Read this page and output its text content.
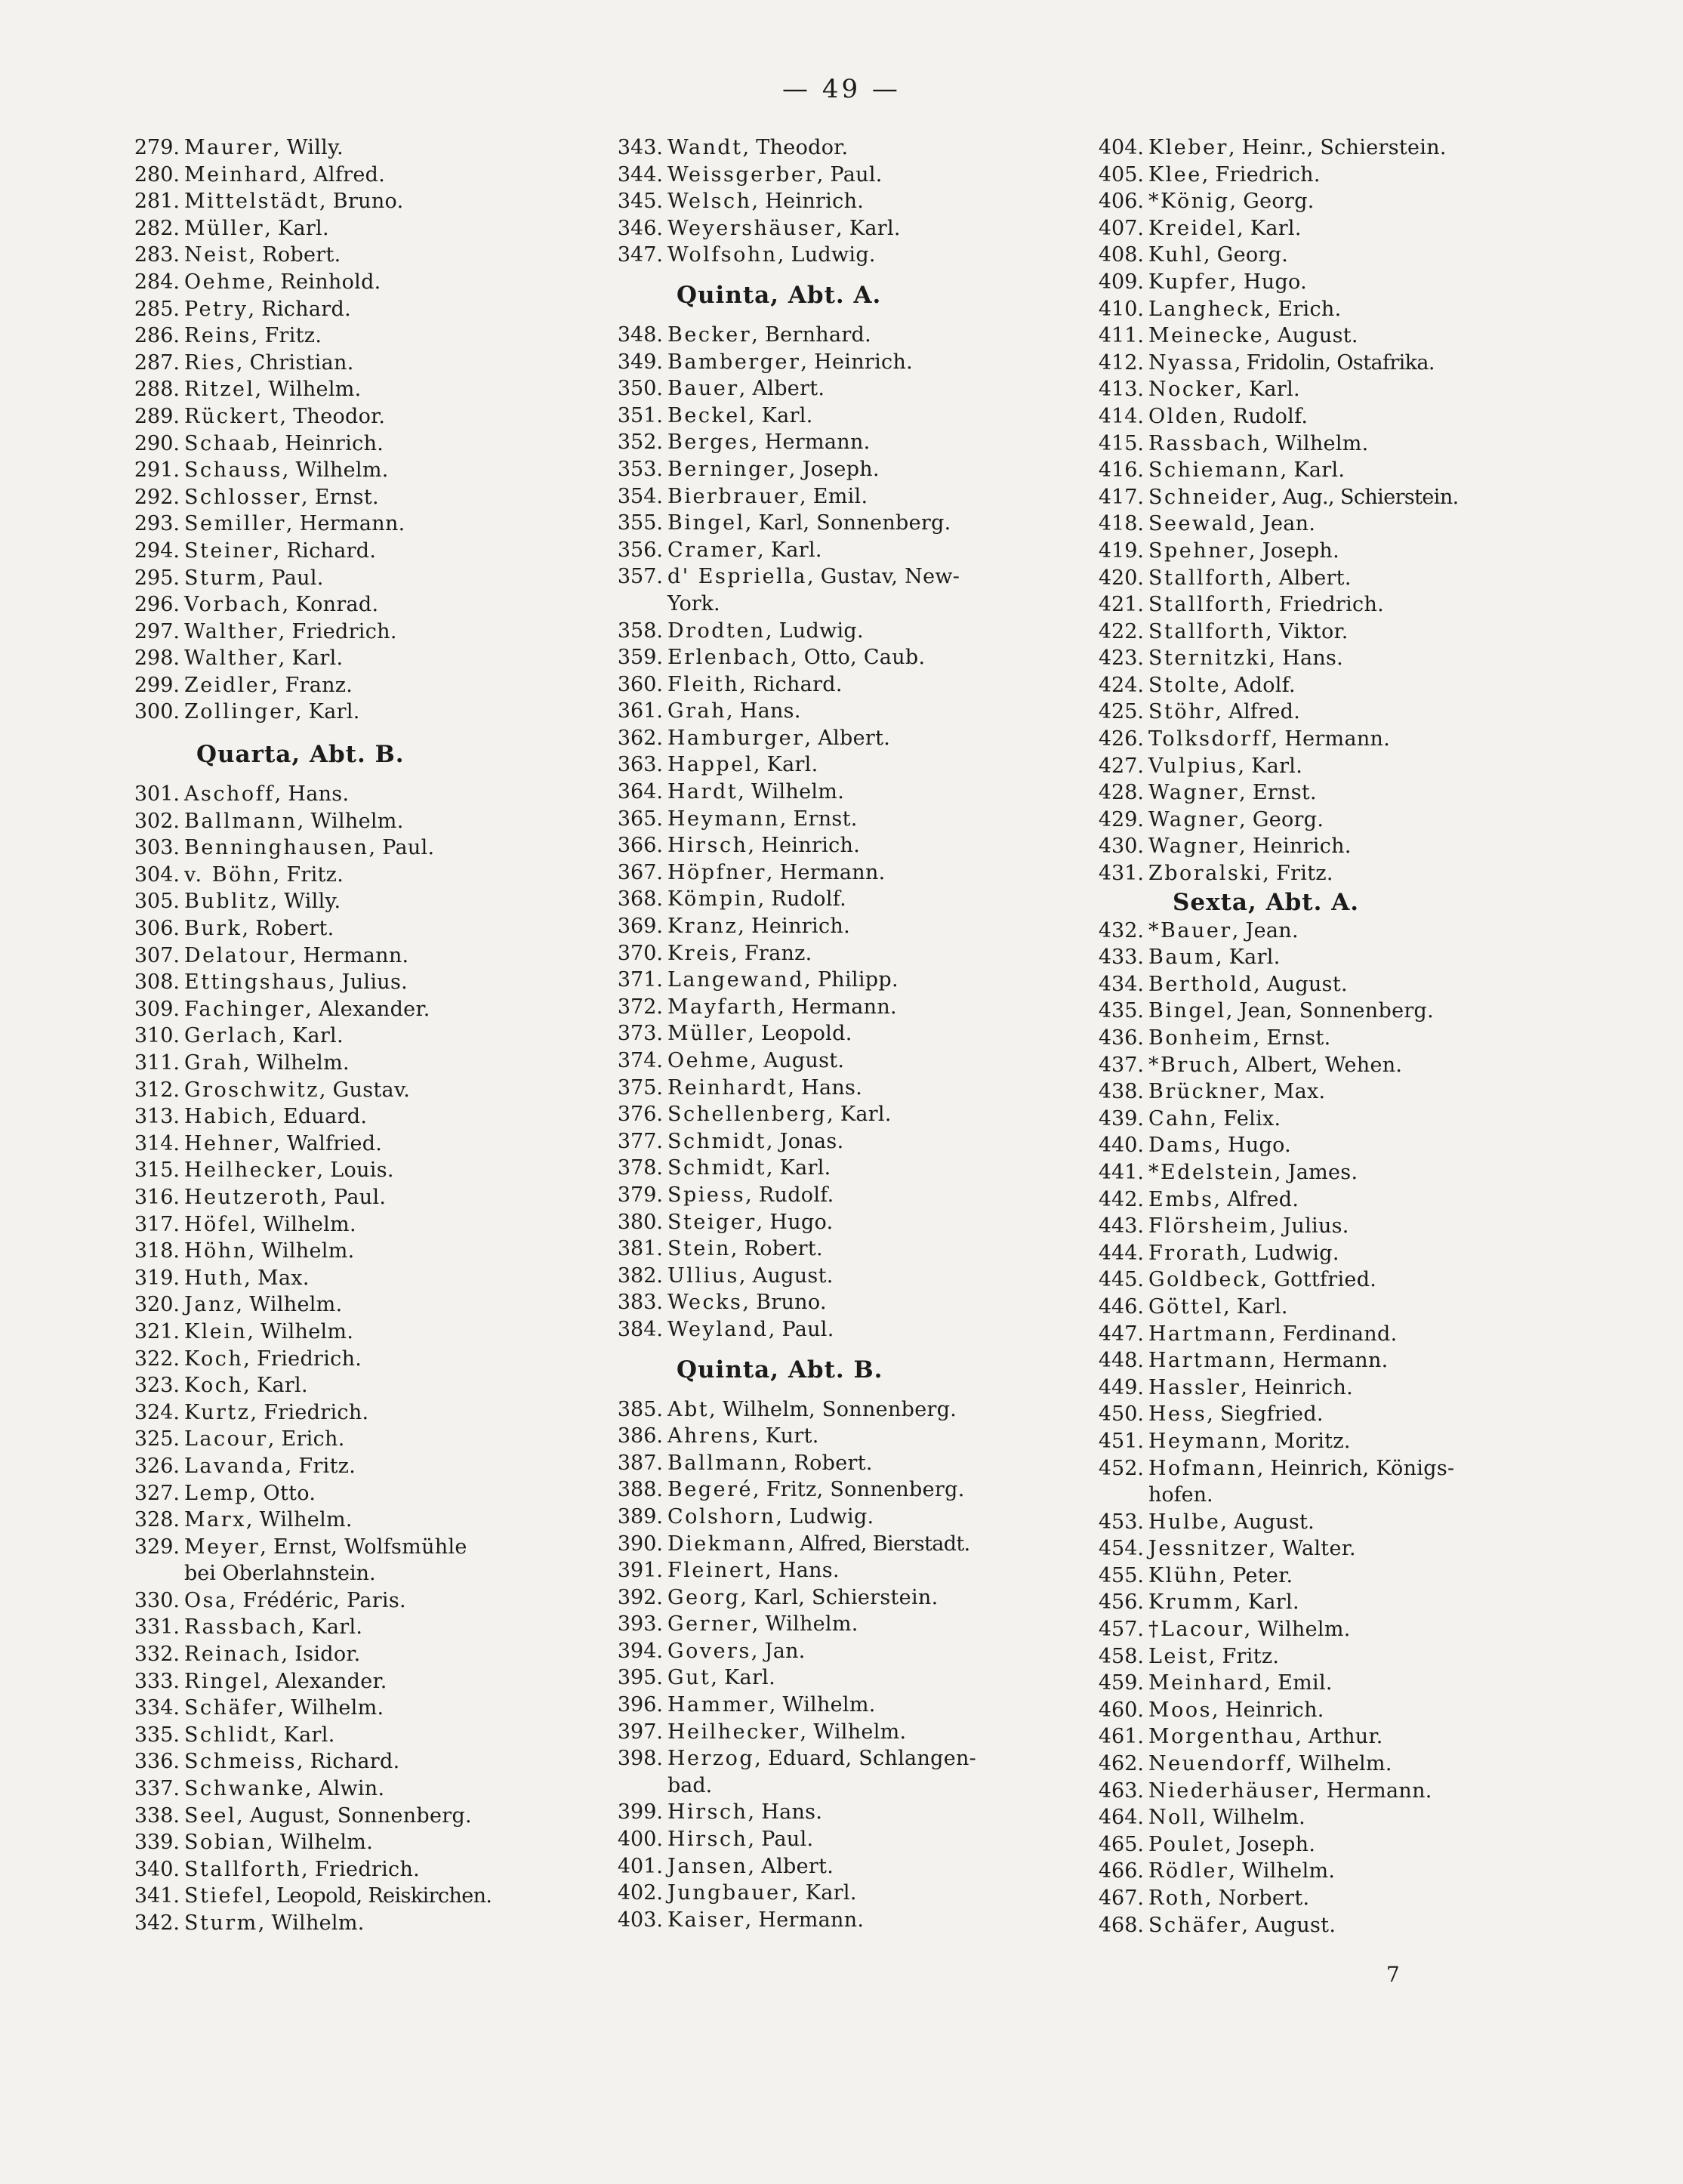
— 49 —
279. Maurer, Willy.
280. Meinhard, Alfred.
281. Mittelstädt, Bruno.
282. Müller, Karl.
283. Neist, Robert.
284. Oehme, Reinhold.
285. Petry, Richard.
286. Reins, Fritz.
287. Ries, Christian.
288. Ritzel, Wilhelm.
289. Rückert, Theodor.
290. Schaab, Heinrich.
291. Schauss, Wilhelm.
292. Schlosser, Ernst.
293. Semiller, Hermann.
294. Steiner, Richard.
295. Sturm, Paul.
296. Vorbach, Konrad.
297. Walther, Friedrich.
298. Walther, Karl.
299. Zeidler, Franz.
300. Zollinger, Karl.
Quarta, Abt. B.
301. Aschoff, Hans.
302. Ballmann, Wilhelm.
303. Benninghausen, Paul.
304. v. Böhn, Fritz.
305. Bublitz, Willy.
306. Burk, Robert.
307. Delatour, Hermann.
308. Ettingshaus, Julius.
309. Fachinger, Alexander.
310. Gerlach, Karl.
311. Grah, Wilhelm.
312. Groschwitz, Gustav.
313. Habich, Eduard.
314. Hehner, Walfried.
315. Heilhecker, Louis.
316. Heutzeroth, Paul.
317. Höfel, Wilhelm.
318. Höhn, Wilhelm.
319. Huth, Max.
320. Janz, Wilhelm.
321. Klein, Wilhelm.
322. Koch, Friedrich.
323. Koch, Karl.
324. Kurtz, Friedrich.
325. Lacour, Erich.
326. Lavanda, Fritz.
327. Lemp, Otto.
328. Marx, Wilhelm.
329. Meyer, Ernst, Wolfsmühle
bei Oberlahnstein.
330. Osa, Frédéric, Paris.
331. Rassbach, Karl.
332. Reinach, Isidor.
333. Ringel, Alexander.
334. Schäfer, Wilhelm.
335. Schlidt, Karl.
336. Schmeiss, Richard.
337. Schwanke, Alwin.
338. Seel, August, Sonnenberg.
339. Sobian, Wilhelm.
340. Stallforth, Friedrich.
341. Stiefel, Leopold, Reiskirchen.
342. Sturm, Wilhelm.
343. Wandt, Theodor.
344. Weissgerber, Paul.
345. Welsch, Heinrich.
346. Weyershäuser, Karl.
347. Wolfsohn, Ludwig.
Quinta, Abt. A.
348. Becker, Bernhard.
349. Bamberger, Heinrich.
350. Bauer, Albert.
351. Beckel, Karl.
352. Berges, Hermann.
353. Berninger, Joseph.
354. Bierbrauer, Emil.
355. Bingel, Karl, Sonnenberg.
356. Cramer, Karl.
357. d' Espriella, Gustav, New-
York.
358. Drodten, Ludwig.
359. Erlenbach, Otto, Caub.
360. Fleith, Richard.
361. Grah, Hans.
362. Hamburger, Albert.
363. Happel, Karl.
364. Hardt, Wilhelm.
365. Heymann, Ernst.
366. Hirsch, Heinrich.
367. Höpfner, Hermann.
368. Kömpin, Rudolf.
369. Kranz, Heinrich.
370. Kreis, Franz.
371. Langewand, Philipp.
372. Mayfarth, Hermann.
373. Müller, Leopold.
374. Oehme, August.
375. Reinhardt, Hans.
376. Schellenberg, Karl.
377. Schmidt, Jonas.
378. Schmidt, Karl.
379. Spiess, Rudolf.
380. Steiger, Hugo.
381. Stein, Robert.
382. Ullius, August.
383. Wecks, Bruno.
384. Weyland, Paul.
Quinta, Abt. B.
385. Abt, Wilhelm, Sonnenberg.
386. Ahrens, Kurt.
387. Ballmann, Robert.
388. Begeré, Fritz, Sonnenberg.
389. Colshorn, Ludwig.
390. Diekmann, Alfred, Bierstadt.
391. Fleinert, Hans.
392. Georg, Karl, Schierstein.
393. Gerner, Wilhelm.
394. Govers, Jan.
395. Gut, Karl.
396. Hammer, Wilhelm.
397. Heilhecker, Wilhelm.
398. Herzog, Eduard, Schlangen-
bad.
399. Hirsch, Hans.
400. Hirsch, Paul.
401. Jansen, Albert.
402. Jungbauer, Karl.
403. Kaiser, Hermann.
404. Kleber, Heinr., Schierstein.
405. Klee, Friedrich.
406. *König, Georg.
407. Kreidel, Karl.
408. Kuhl, Georg.
409. Kupfer, Hugo.
410. Langheck, Erich.
411. Meinecke, August.
412. Nyassa, Fridolin, Ostafrika.
413. Nocker, Karl.
414. Olden, Rudolf.
415. Rassbach, Wilhelm.
416. Schiemann, Karl.
417. Schneider, Aug., Schierstein.
418. Seewald, Jean.
419. Spehner, Joseph.
420. Stallforth, Albert.
421. Stallforth, Friedrich.
422. Stallforth, Viktor.
423. Sternitzki, Hans.
424. Stolte, Adolf.
425. Stöhr, Alfred.
426. Tolksdorff, Hermann.
427. Vulpius, Karl.
428. Wagner, Ernst.
429. Wagner, Georg.
430. Wagner, Heinrich.
431. Zboralski, Fritz.
Sexta, Abt. A.
432. *Bauer, Jean.
433. Baum, Karl.
434. Berthold, August.
435. Bingel, Jean, Sonnenberg.
436. Bonheim, Ernst.
437. *Bruch, Albert, Wehen.
438. Brückner, Max.
439. Cahn, Felix.
440. Dams, Hugo.
441. *Edelstein, James.
442. Embs, Alfred.
443. Flörsheim, Julius.
444. Frorath, Ludwig.
445. Goldbeck, Gottfried.
446. Göttel, Karl.
447. Hartmann, Ferdinand.
448. Hartmann, Hermann.
449. Hassler, Heinrich.
450. Hess, Siegfried.
451. Heymann, Moritz.
452. Hofmann, Heinrich, Königs-
hofen.
453. Hulbe, August.
454. Jessnitzer, Walter.
455. Klühn, Peter.
456. Krumm, Karl.
457. †Lacour, Wilhelm.
458. Leist, Fritz.
459. Meinhard, Emil.
460. Moos, Heinrich.
461. Morgenthau, Arthur.
462. Neuendorff, Wilhelm.
463. Niederhäuser, Hermann.
464. Noll, Wilhelm.
465. Poulet, Joseph.
466. Rödler, Wilhelm.
467. Roth, Norbert.
468. Schäfer, August.
7
